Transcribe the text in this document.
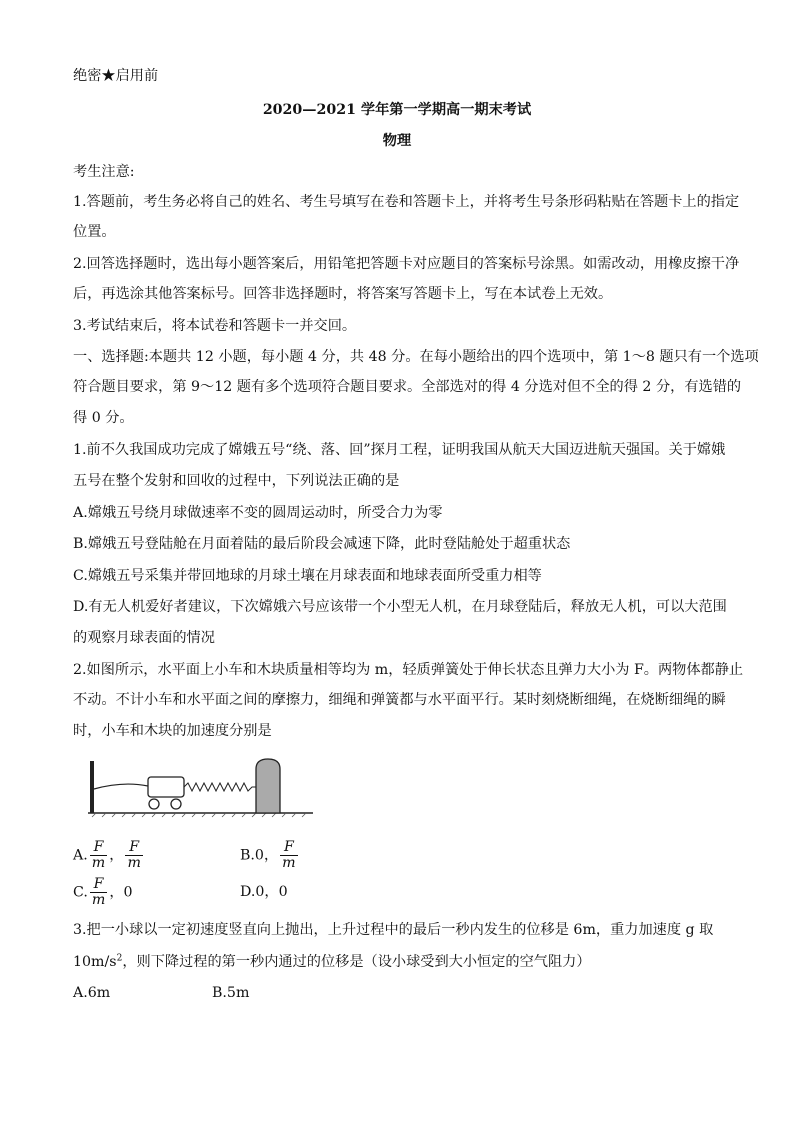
绝密★启用前
2020—2021 学年第一学期高一期末考试
物理
考生注意:
1.答题前，考生务必将自己的姓名、考生号填写在卷和答题卡上，并将考生号条形码粘贴在答题卡上的指定
位置。
2.回答选择题时，选出每小题答案后，用铅笔把答题卡对应题目的答案标号涂黑。如需改动，用橡皮擦干净
后，再选涂其他答案标号。回答非选择题时，将答案写答题卡上，写在本试卷上无效。
3.考试结束后，将本试卷和答题卡一并交回。
一、选择题:本题共 12 小题，每小题 4 分，共 48 分。在每小题给出的四个选项中，第 1～8 题只有一个选项
符合题目要求，第 9～12 题有多个选项符合题目要求。全部选对的得 4 分选对但不全的得 2 分，有选错的
得 0 分。
1.前不久我国成功完成了嫦娥五号“绕、落、回”探月工程，证明我国从航天大国迈进航天强国。关于嫦娥
五号在整个发射和回收的过程中，下列说法正确的是
A.嫦娥五号绕月球做速率不变的圆周运动时，所受合力为零
B.嫦娥五号登陆舱在月面着陆的最后阶段会减速下降，此时登陆舱处于超重状态
C.嫦娥五号采集并带回地球的月球土壤在月球表面和地球表面所受重力相等
D.有无人机爱好者建议，下次嫦娥六号应该带一个小型无人机，在月球登陆后，释放无人机，可以大范围
的观察月球表面的情况
2.如图所示，水平面上小车和木块质量相等均为 m，轻质弹簧处于伸长状态且弹力大小为 F。两物体都静止
不动。不计小车和水平面之间的摩擦力，细绳和弹簧都与水平面平行。某时刻烧断细绳，在烧断细绳的瞬
时，小车和木块的加速度分别是
A. $\frac{F}{m}$ ， $\frac{F}{m}$	B.0， $\frac{F}{m}$
C. $\frac{F}{m}$ ，0	D.0，0
3.把一小球以一定初速度竖直向上抛出，上升过程中的最后一秒内发生的位移是 6m，重力加速度 g 取
$10m/s^2$，则下降过程的第一秒内通过的位移是（设小球受到大小恒定的空气阻力）
A.6m	B.5m
